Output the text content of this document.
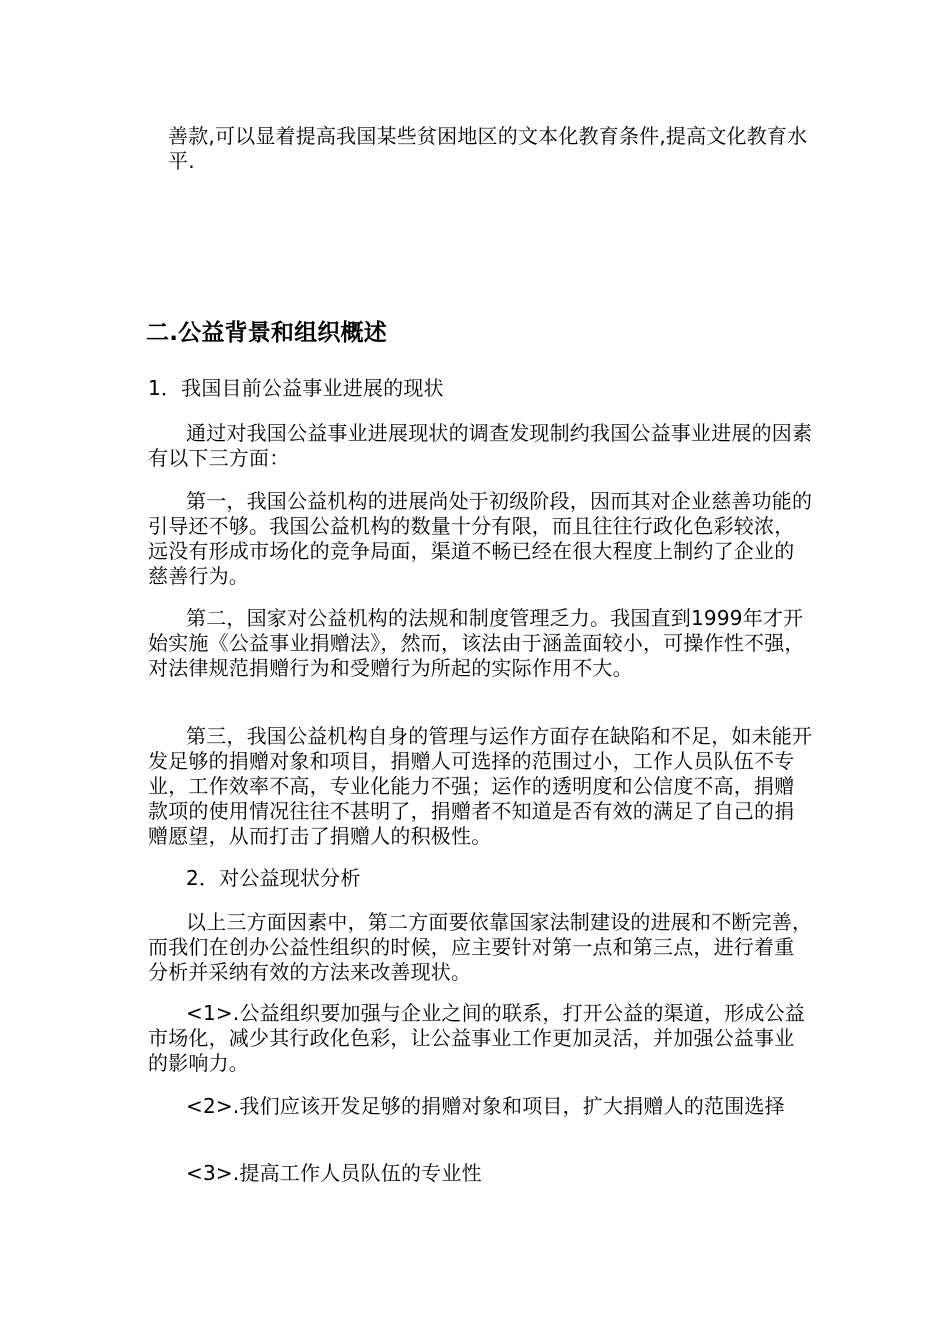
善款,可以显着提高我国某些贫困地区的文本化教育条件,提高文化教育水平.

二.公益背景和组织概述

1．我国目前公益事业进展的现状

通过对我国公益事业进展现状的调查发现制约我国公益事业进展的因素有以下三方面：

第一，我国公益机构的进展尚处于初级阶段，因而其对企业慈善功能的引导还不够。我国公益机构的数量十分有限，而且往往行政化色彩较浓，远没有形成市场化的竞争局面，渠道不畅已经在很大程度上制约了企业的慈善行为。

第二，国家对公益机构的法规和制度管理乏力。我国直到1999年才开始实施《公益事业捐赠法》，然而，该法由于涵盖面较小，可操作性不强，对法律规范捐赠行为和受赠行为所起的实际作用不大。

第三，我国公益机构自身的管理与运作方面存在缺陷和不足，如未能开发足够的捐赠对象和项目，捐赠人可选择的范围过小，工作人员队伍不专业，工作效率不高，专业化能力不强；运作的透明度和公信度不高，捐赠款项的使用情况往往不甚明了，捐赠者不知道是否有效的满足了自己的捐赠愿望，从而打击了捐赠人的积极性。

2．对公益现状分析

以上三方面因素中，第二方面要依靠国家法制建设的进展和不断完善，而我们在创办公益性组织的时候，应主要针对第一点和第三点，进行着重分析并采纳有效的方法来改善现状。

<1>.公益组织要加强与企业之间的联系，打开公益的渠道，形成公益市场化，减少其行政化色彩，让公益事业工作更加灵活，并加强公益事业的影响力。

<2>.我们应该开发足够的捐赠对象和项目，扩大捐赠人的范围选择

<3>.提高工作人员队伍的专业性
